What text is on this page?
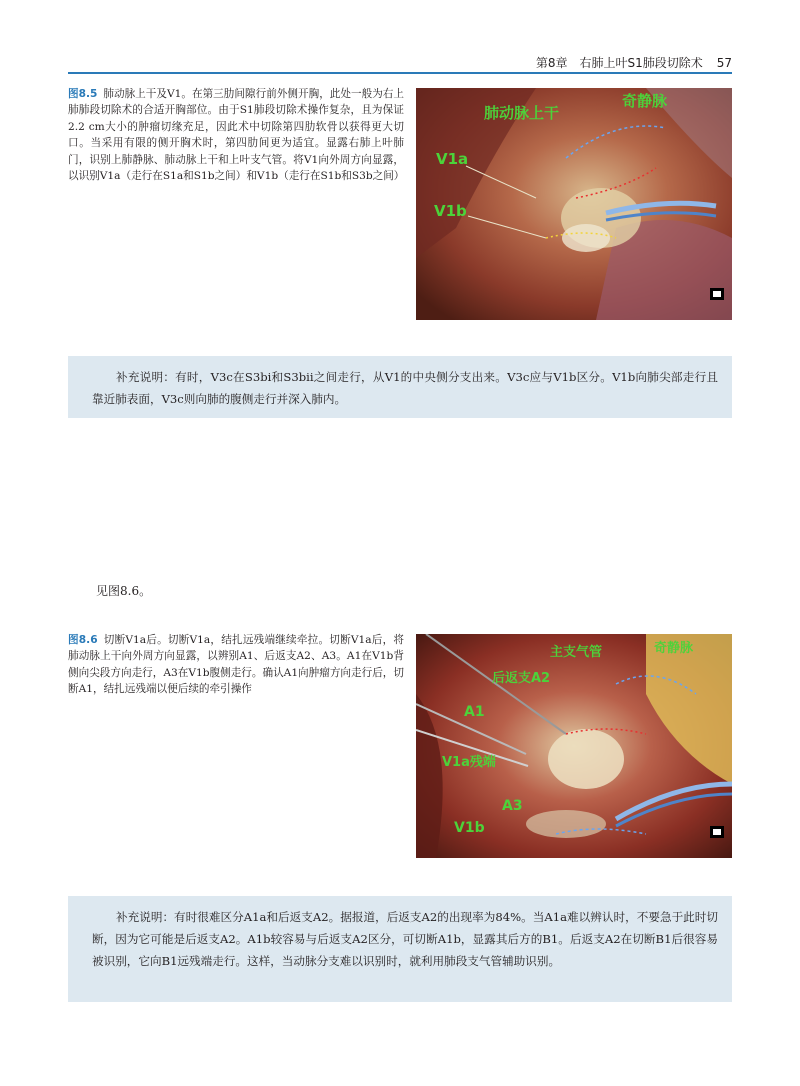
第8章　右肺上叶S1肺段切除术 57
图8.5 肺动脉上干及V1。在第三肋间隙行前外侧开胸，此处一般为右上肺肺段切除术的合适开胸部位。由于S1肺段切除术操作复杂，且为保证2.2 cm大小的肿瘤切缘充足，因此术中切除第四肋软骨以获得更大切口。当采用有限的侧开胸术时，第四肋间更为适宜。显露右肺上叶肺门，识别上肺静脉、肺动脉上干和上叶支气管。将V1向外周方向显露，以识别V1a（走行在S1a和S1b之间）和V1b（走行在S1b和S3b之间）
奇静脉
肺动脉上干
V1a
V1b
补充说明：有时，V3c在S3bi和S3bii之间走行，从V1的中央侧分支出来。V3c应与V1b区分。V1b向肺尖部走行且靠近肺表面，V3c则向肺的腹侧走行并深入肺内。
见图8.6。
图8.6 切断V1a后。切断V1a，结扎远残端继续牵拉。切断V1a后，将肺动脉上干向外周方向显露，以辨别A1、后返支A2、A3。A1在V1b背侧向尖段方向走行，A3在V1b腹侧走行。确认A1向肿瘤方向走行后，切断A1，结扎远残端以便后续的牵引操作
主支气管	奇静脉
后返支A2
A1
V1a残端
A3
V1b
补充说明：有时很难区分A1a和后返支A2。据报道，后返支A2的出现率为84%。当A1a难以辨认时，不要急于此时切断，因为它可能是后返支A2。A1b较容易与后返支A2区分，可切断A1b，显露其后方的B1。后返支A2在切断B1后很容易被识别，它向B1远残端走行。这样，当动脉分支难以识别时，就利用肺段支气管辅助识别。
